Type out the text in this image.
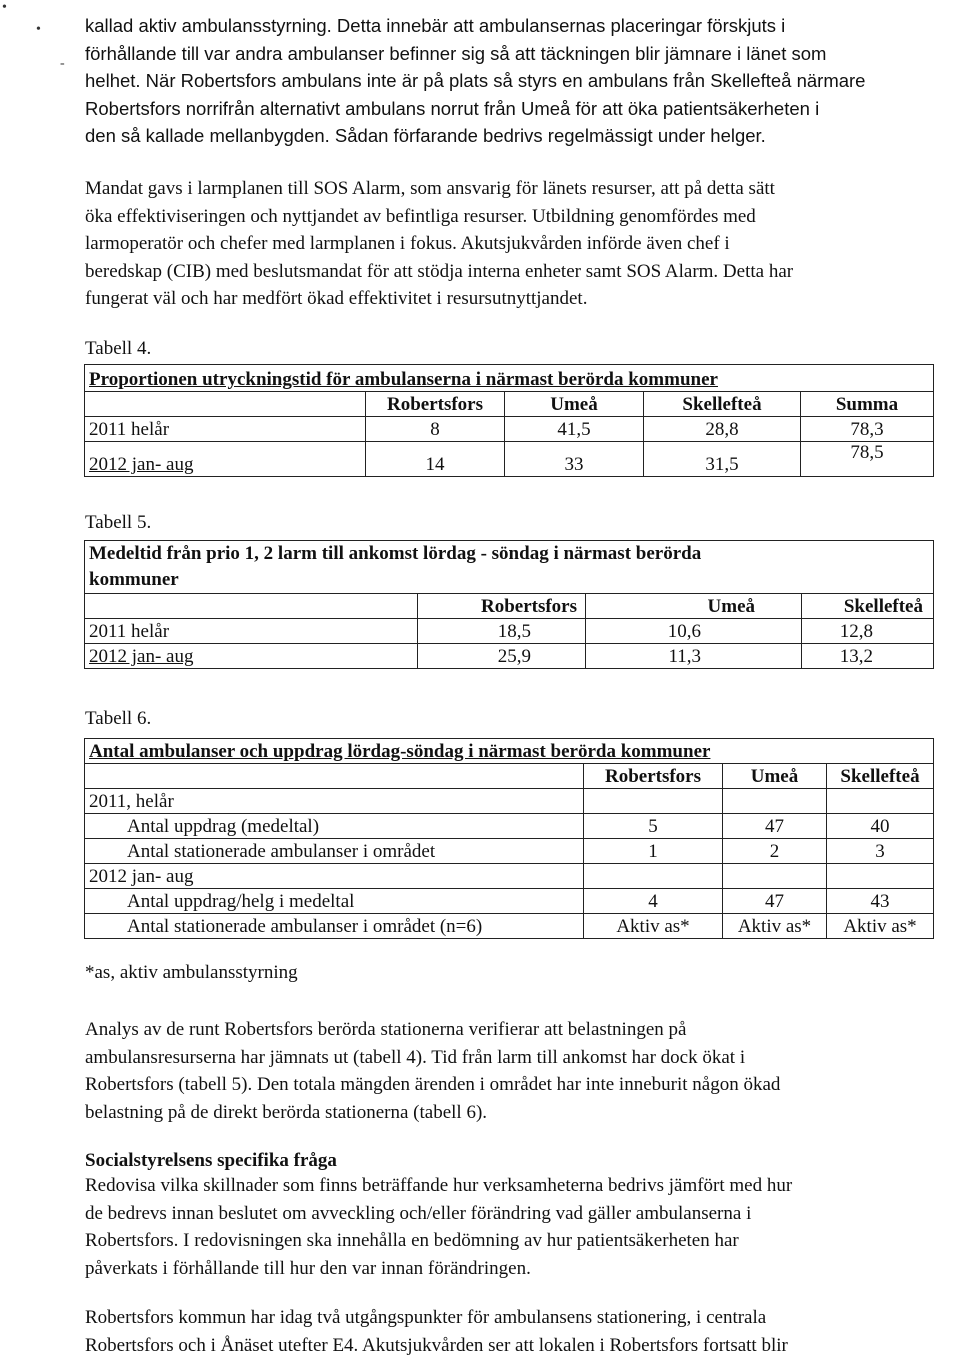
•
•
-
kallad aktiv ambulansstyrning. Detta innebär att ambulansernas placeringar förskjuts i
förhållande till var andra ambulanser befinner sig så att täckningen blir jämnare i länet som
helhet. När Robertsfors ambulans inte är på plats så styrs en ambulans från Skellefteå närmare
Robertsfors norrifrån alternativt ambulans norrut från Umeå för att öka patientsäkerheten i
den så kallade mellanbygden. Sådan förfarande bedrivs regelmässigt under helger.
Mandat gavs i larmplanen till SOS Alarm, som ansvarig för länets resurser, att på detta sätt
öka effektiviseringen och nyttjandet av befintliga resurser. Utbildning genomfördes med
larmoperatör och chefer med larmplanen i fokus. Akutsjukvården införde även chef i
beredskap (CIB) med beslutsmandat för att stödja interna enheter samt SOS Alarm. Detta har
fungerat väl och har medfört ökad effektivitet i resursutnyttjandet.
Tabell 4.
Proportionen utryckningstid för ambulanserna i närmast berörda kommuner				
	Robertsfors	Umeå	Skellefteå	Summa
2011 helår	8	41,5	28,8	78,3
2012 jan- aug	14	33	31,5	78,5
Tabell 5.
Medeltid från prio 1, 2 larm till ankomst lördag - söndag i närmast berörda
kommuner			

	Robertsfors	Umeå	Skellefteå
2011 helår	18,5	10,6	12,8
2012 jan- aug	25,9	11,3	13,2
Tabell 6.
Antal ambulanser och uppdrag lördag-söndag i närmast berörda kommuner			
	Robertsfors	Umeå	Skellefteå
2011, helår			
Antal uppdrag (medeltal)	5	47	40
Antal stationerade ambulanser i området	1	2	3
2012 jan- aug			
Antal uppdrag/helg i medeltal	4	47	43
Antal stationerade ambulanser i området (n=6)	Aktiv as*	Aktiv as*	Aktiv as*
*as, aktiv ambulansstyrning
Analys av de runt Robertsfors berörda stationerna verifierar att belastningen på
ambulansresurserna har jämnats ut (tabell 4). Tid från larm till ankomst har dock ökat i
Robertsfors (tabell 5). Den totala mängden ärenden i området har inte inneburit någon ökad
belastning på de direkt berörda stationerna (tabell 6).
Socialstyrelsens specifika fråga
Redovisa vilka skillnader som finns beträffande hur verksamheterna bedrivs jämfört med hur
de bedrevs innan beslutet om avveckling och/eller förändring vad gäller ambulanserna i
Robertsfors. I redovisningen ska innehålla en bedömning av hur patientsäkerheten har
påverkats i förhållande till hur den var innan förändringen.
Robertsfors kommun har idag två utgångspunkter för ambulansens stationering, i centrala
Robertsfors och i Ånäset utefter E4. Akutsjukvården ser att lokalen i Robertsfors fortsatt blir
